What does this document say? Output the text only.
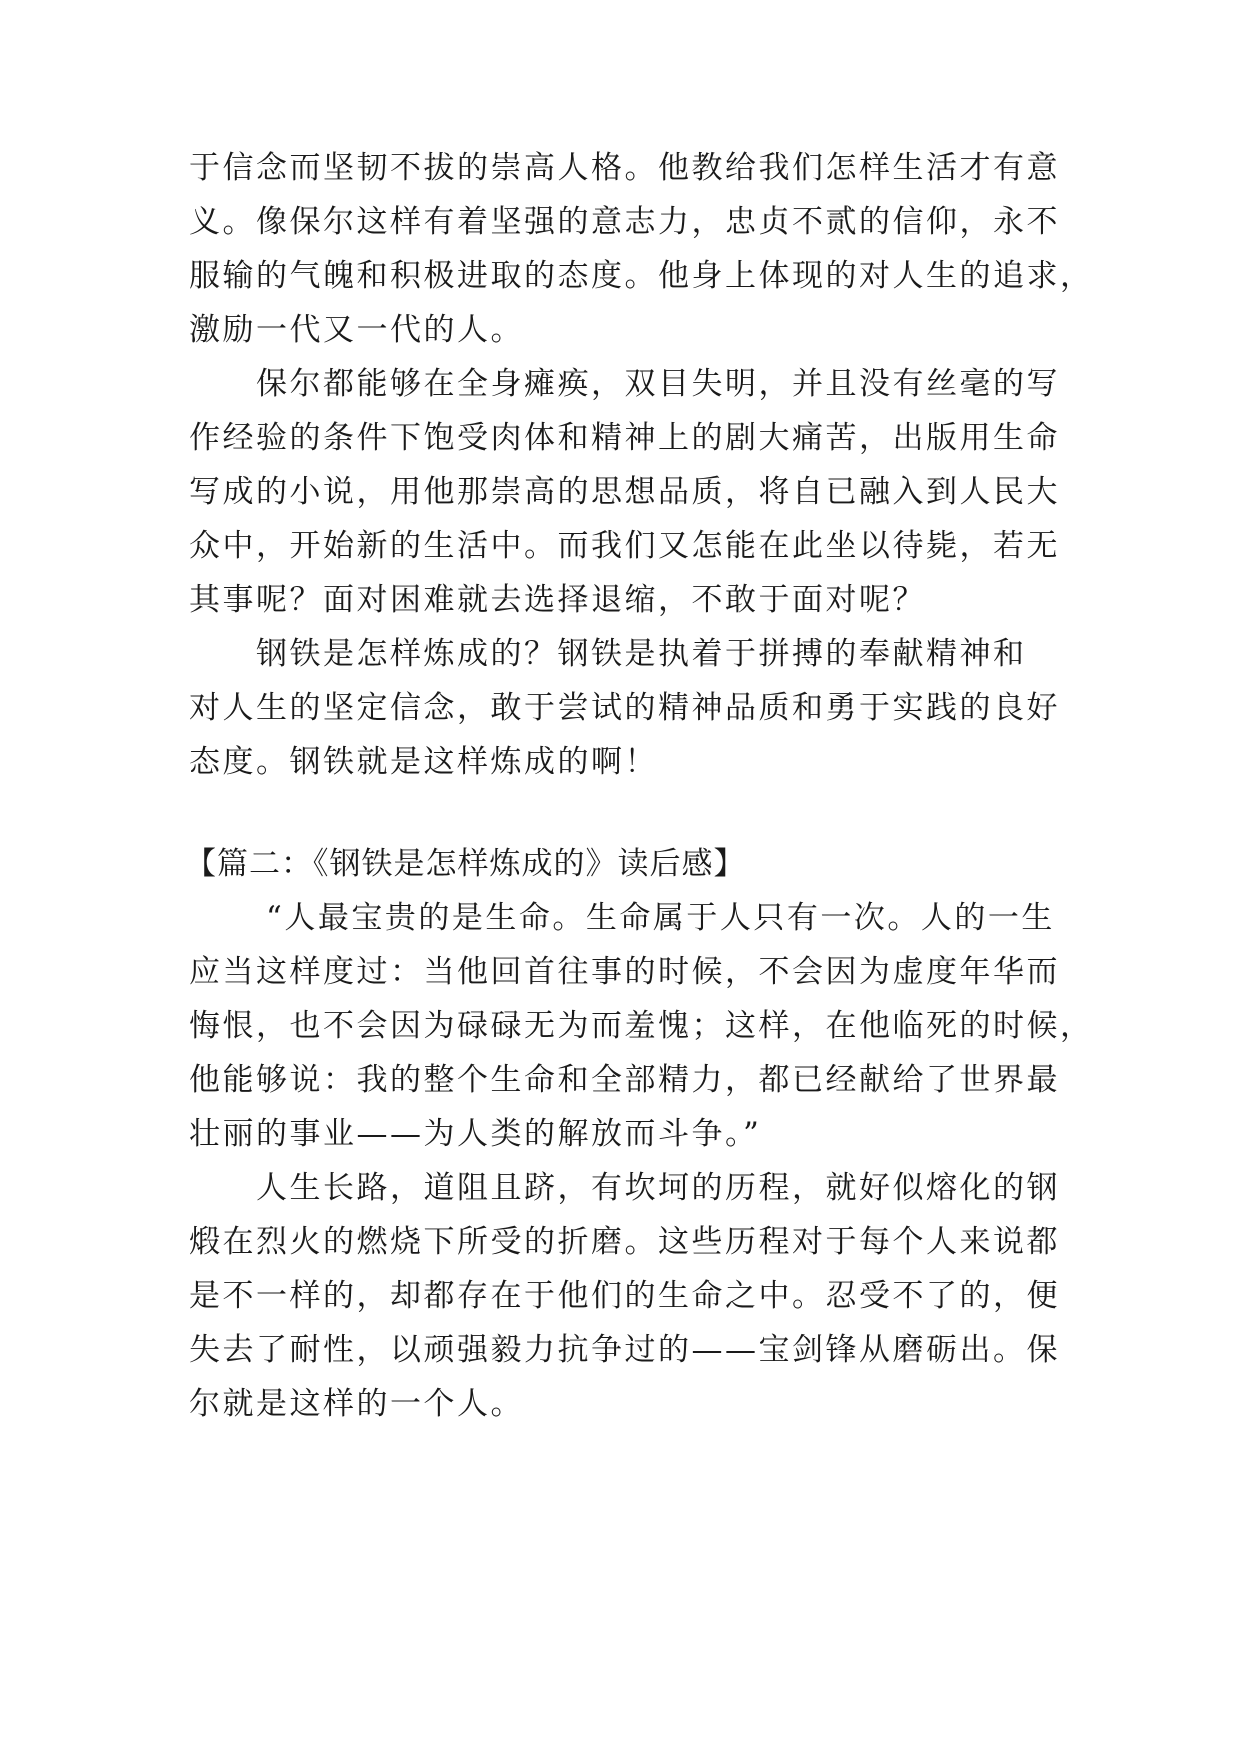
于信念而坚韧不拔的崇高人格。他教给我们怎样生活才有意
义。像保尔这样有着坚强的意志力，忠贞不贰的信仰，永不
服输的气魄和积极进取的态度。他身上体现的对人生的追求，
激励一代又一代的人。
保尔都能够在全身瘫痪，双目失明，并且没有丝毫的写
作经验的条件下饱受肉体和精神上的剧大痛苦，出版用生命
写成的小说，用他那崇高的思想品质，将自已融入到人民大
众中，开始新的生活中。而我们又怎能在此坐以待毙，若无
其事呢？面对困难就去选择退缩，不敢于面对呢？
钢铁是怎样炼成的？钢铁是执着于拼搏的奉献精神和
对人生的坚定信念，敢于尝试的精神品质和勇于实践的良好
态度。钢铁就是这样炼成的啊！
【篇二：《钢铁是怎样炼成的》读后感】
“人最宝贵的是生命。生命属于人只有一次。人的一生
应当这样度过：当他回首往事的时候，不会因为虚度年华而
悔恨，也不会因为碌碌无为而羞愧；这样，在他临死的时候，
他能够说：我的整个生命和全部精力，都已经献给了世界最
壮丽的事业——为人类的解放而斗争。”
人生长路，道阻且跻，有坎坷的历程，就好似熔化的钢
煅在烈火的燃烧下所受的折磨。这些历程对于每个人来说都
是不一样的，却都存在于他们的生命之中。忍受不了的，便
失去了耐性，以顽强毅力抗争过的——宝剑锋从磨砺出。保
尔就是这样的一个人。
